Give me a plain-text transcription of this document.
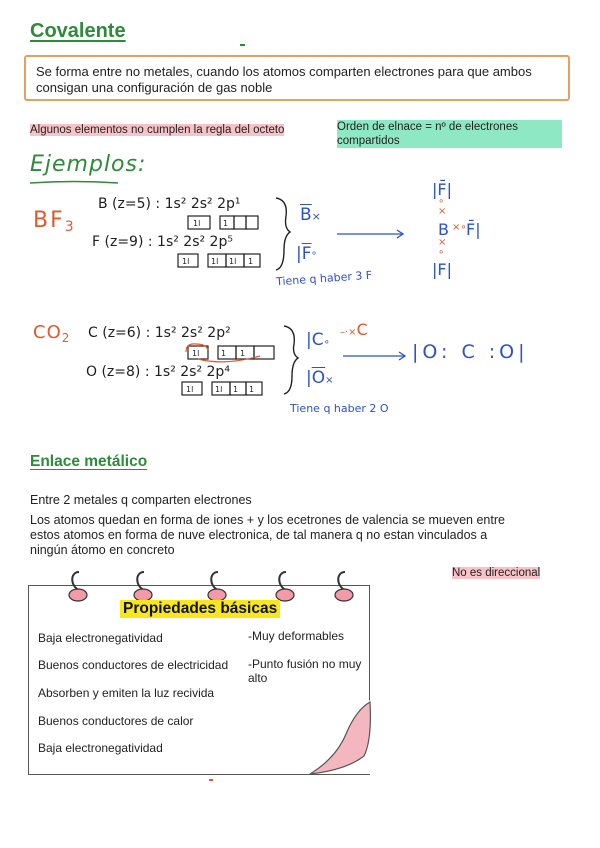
Covalente
Se forma entre no metales, cuando los atomos comparten electrones para que ambos consigan una configuración de gas noble
Algunos elementos no cumplen la regla del octeto	Orden de elnace = nº de electrones compartidos
Ejemplos:
BF3
B (z=5) : 1s² 2s² 2p¹
F (z=9) : 1s² 2s² 2p⁵
1l	1
1l	1l 1l 1
$\overline{B}\times$
$|\overline{F}^\circ$
|F̄|
∘
×
B ×∘ F̄|
×
∘
|F|
Tiene q haber 3 F
$CO_2$ C (z=6) : 1s² 2s² 2p²
O (z=8) : 1s² 2s² 2p⁴
1l	1 1
1l	1l 1 1
|C∘
–·×C
$|\overline{O}\times$
|O: C :O|
Tiene q haber 2 O
Enlace metálico
Entre 2 metales q comparten electrones
Los atomos quedan en forma de iones + y los ecetrones de valencia se mueven entre estos atomos en forma de nuve electronica, de tal manera q no estan vinculados a ningún átomo en concreto
No es direccional
Propiedades básicas
Baja electronegatividad
Buenos conductores de electricidad
Absorben y emiten la luz recivida
Buenos conductores de calor
Baja electronegatividad
-Muy deformables
-Punto fusión no muy alto
